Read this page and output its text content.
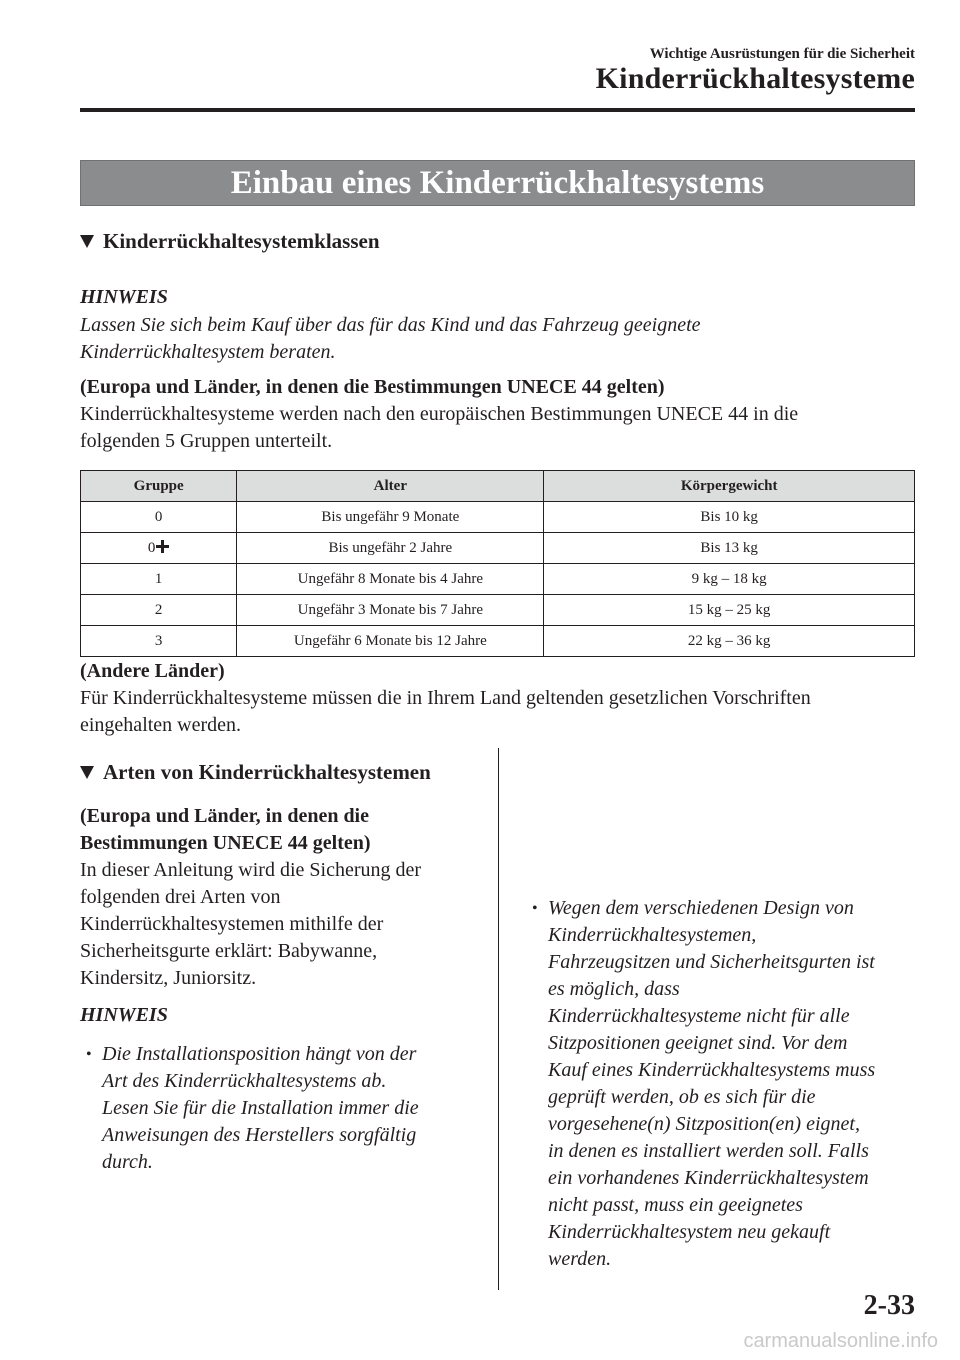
Wichtige Ausrüstungen für die Sicherheit
Kinderrückhaltesysteme
Einbau eines Kinderrückhaltesystems
Kinderrückhaltesystemklassen
HINWEIS
Lassen Sie sich beim Kauf über das für das Kind und das Fahrzeug geeignete
Kinderrückhaltesystem beraten.
(Europa und Länder, in denen die Bestimmungen UNECE 44 gelten)
Kinderrückhaltesysteme werden nach den europäischen Bestimmungen UNECE 44 in die
folgenden 5 Gruppen unterteilt.
Gruppe	Alter	Körpergewicht
0	Bis ungefähr 9 Monate	Bis 10 kg
0	Bis ungefähr 2 Jahre	Bis 13 kg
1	Ungefähr 8 Monate bis 4 Jahre	9 kg – 18 kg
2	Ungefähr 3 Monate bis 7 Jahre	15 kg – 25 kg
3	Ungefähr 6 Monate bis 12 Jahre	22 kg – 36 kg
(Andere Länder)
Für Kinderrückhaltesysteme müssen die in Ihrem Land geltenden gesetzlichen Vorschriften
eingehalten werden.
Arten von Kinderrückhaltesystemen
(Europa und Länder, in denen die
Bestimmungen UNECE 44 gelten)
In dieser Anleitung wird die Sicherung der
folgenden drei Arten von
Kinderrückhaltesystemen mithilfe der
Sicherheitsgurte erklärt: Babywanne,
Kindersitz, Juniorsitz.
HINWEIS
• Die Installationsposition hängt von der
Art des Kinderrückhaltesystems ab.
Lesen Sie für die Installation immer die
Anweisungen des Herstellers sorgfältig
durch.
• Wegen dem verschiedenen Design von
Kinderrückhaltesystemen,
Fahrzeugsitzen und Sicherheitsgurten ist
es möglich, dass
Kinderrückhaltesysteme nicht für alle
Sitzpositionen geeignet sind. Vor dem
Kauf eines Kinderrückhaltesystems muss
geprüft werden, ob es sich für die
vorgesehene(n) Sitzposition(en) eignet,
in denen es installiert werden soll. Falls
ein vorhandenes Kinderrückhaltesystem
nicht passt, muss ein geeignetes
Kinderrückhaltesystem neu gekauft
werden.
2-33
carmanualsonline.info
